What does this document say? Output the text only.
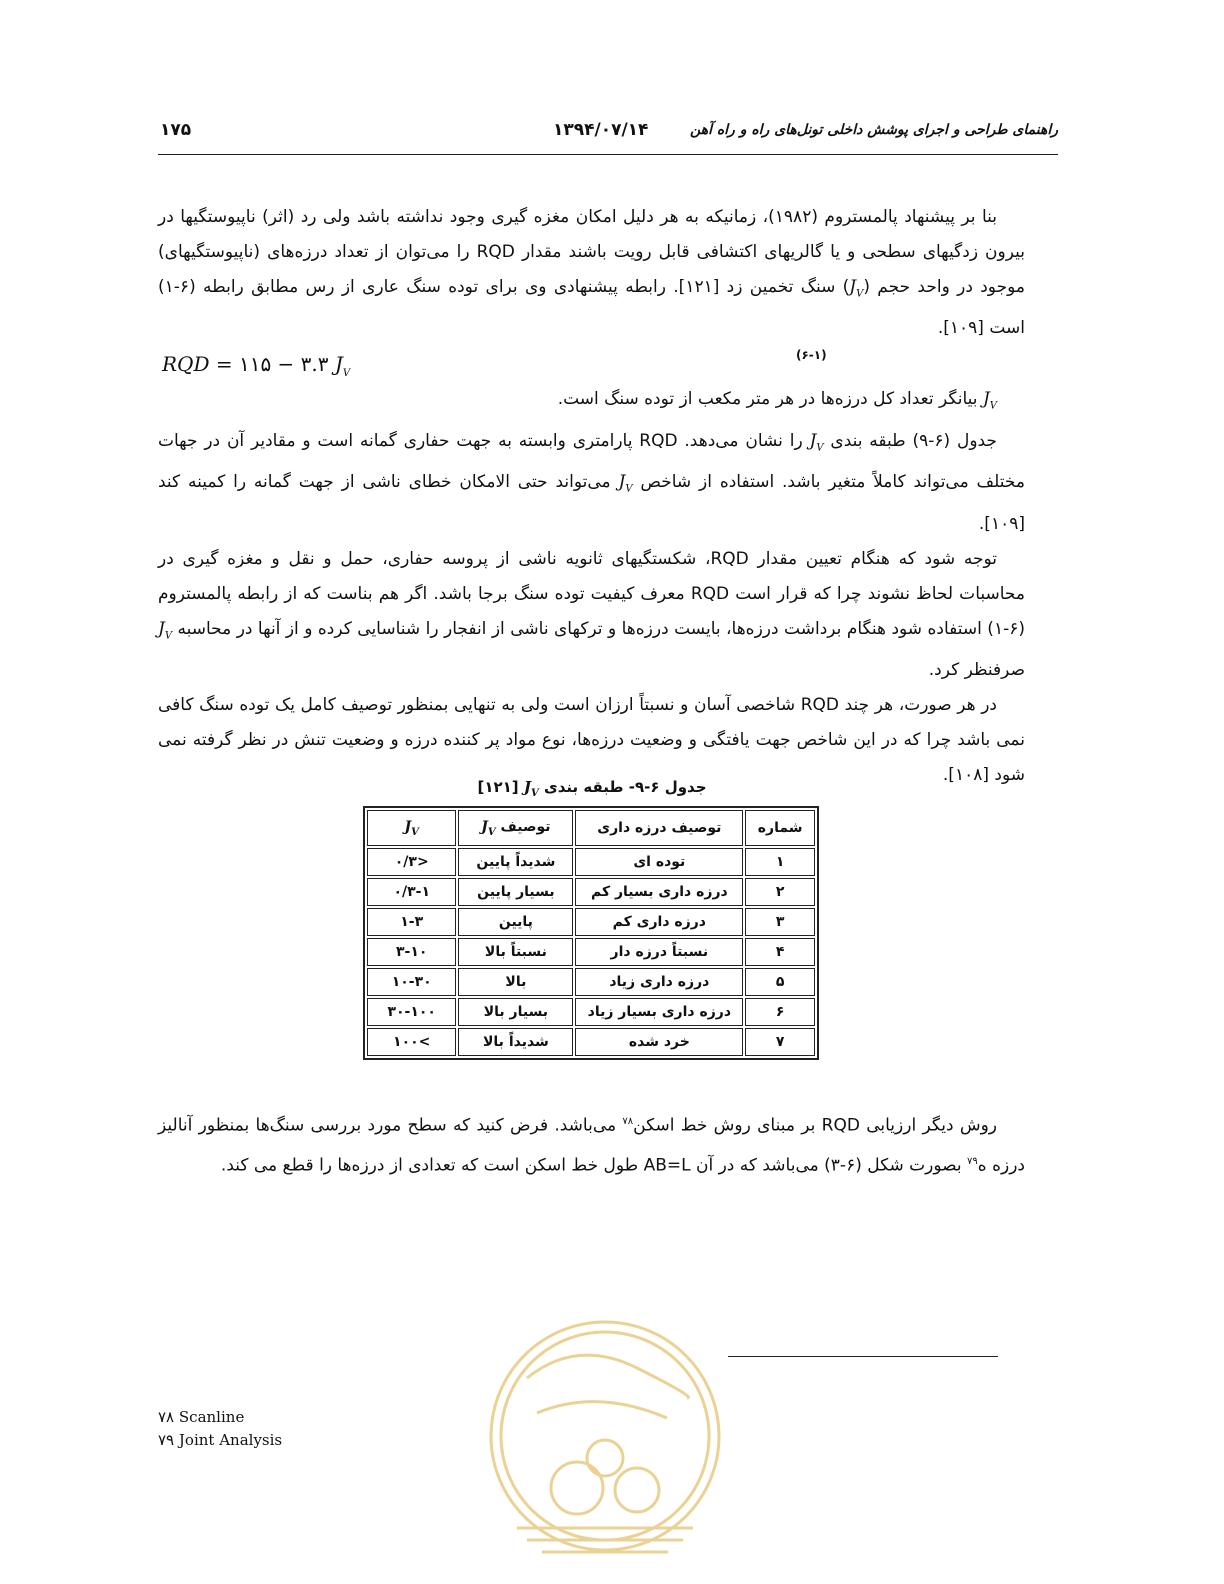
راهنمای طراحی و اجرای پوشش داخلی تونل‌های راه و راه آهن
۱۳۹۴/۰۷/۱۴
۱۷۵

بنا بر پیشنهاد پالمستروم (۱۹۸۲)، زمانیکه به هر دلیل امکان مغزه گیری وجود نداشته باشد ولی رد (اثر) ناپیوستگیها در بیرون زدگیهای سطحی و یا گالریهای اکتشافی قابل رویت باشند مقدار RQD را می‌توان از تعداد درزه‌های (ناپیوستگیهای) موجود در واحد حجم $(J_V)$ سنگ تخمین زد [۱۲۱]. رابطه پیشنهادی وی برای توده سنگ عاری از رس مطابق رابطه (۶-۱) است [۱۰۹].

RQD = ۱۱۵ − ۳.۳ $J_V$
(۶-۱)

$J_V$ بیانگر تعداد کل درزه‌ها در هر متر مکعب از توده سنگ است.

جدول (۶-۹) طبقه بندی $J_V$ را نشان می‌دهد. RQD پارامتری وابسته به جهت حفاری گمانه است و مقادیر آن در جهات مختلف می‌تواند کاملاً متغیر باشد. استفاده از شاخص $J_V$ می‌تواند حتی الامکان خطای ناشی از جهت گمانه را کمینه کند [۱۰۹].

توجه شود که هنگام تعیین مقدار RQD، شکستگیهای ثانویه ناشی از پروسه حفاری، حمل و نقل و مغزه گیری در محاسبات لحاظ نشوند چرا که قرار است RQD معرف کیفیت توده سنگ برجا باشد. اگر هم بناست که از رابطه پالمستروم (۶-۱) استفاده شود هنگام برداشت درزه‌ها، بایست درزه‌ها و ترکهای ناشی از انفجار را شناسایی کرده و از آنها در محاسبه $J_V$ صرفنظر کرد.

در هر صورت، هر چند RQD شاخصی آسان و نسبتاً ارزان است ولی به تنهایی بمنظور توصیف کامل یک توده سنگ کافی نمی باشد چرا که در این شاخص جهت یافتگی و وضعیت درزه‌ها، نوع مواد پر کننده درزه و وضعیت تنش در نظر گرفته نمی شود [۱۰۸].

جدول ۶-۹- طبقه بندی $J_V$ [۱۲۱]
شماره	توصیف درزه داری	توصیف $J_V$	$J_V$
۱	توده ای	شدیداً پایین	<۰/۳
۲	درزه داری بسیار کم	بسیار پایین	۰/۳-۱
۳	درزه داری کم	پایین	۱-۳
۴	نسبتاً درزه دار	نسبتاً بالا	۳-۱۰
۵	درزه داری زیاد	بالا	۱۰-۳۰
۶	درزه داری بسیار زیاد	بسیار بالا	۳۰-۱۰۰
۷	خرد شده	شدیداً بالا	>۱۰۰

روش دیگر ارزیابی RQD بر مبنای روش خط اسکن$^{۷۸}$ می‌باشد. فرض کنید که سطح مورد بررسی سنگ‌ها بمنظور آنالیز درزه ه$^{۷۹}$ بصورت شکل (۶-۳) می‌باشد که در آن AB=L طول خط اسکن است که تعدادی از درزه‌ها را قطع می کند.

۷۸ Scanline
۷۹ Joint Analysis
